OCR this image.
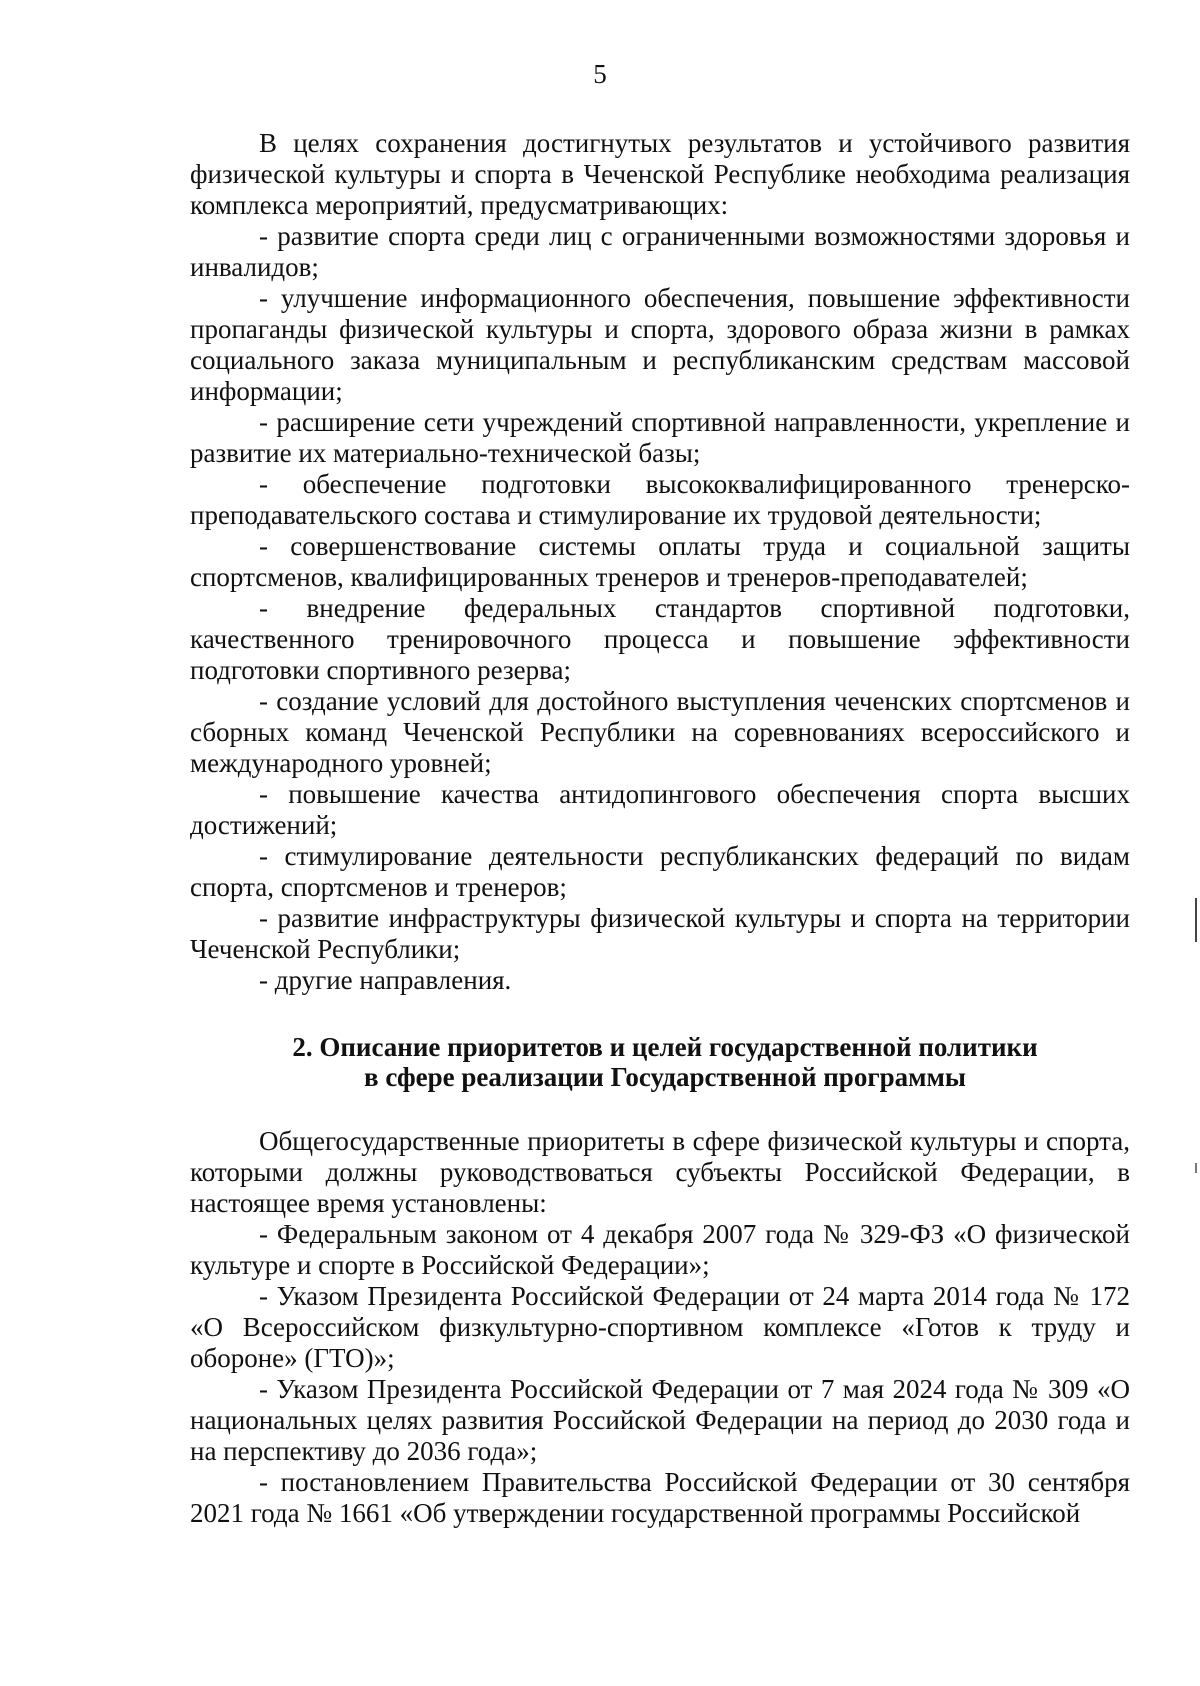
5

В целях сохранения достигнутых результатов и устойчивого развития физической культуры и спорта в Чеченской Республике необходима реализация комплекса мероприятий, предусматривающих:

- развитие спорта среди лиц с ограниченными возможностями здоровья и инвалидов;

- улучшение информационного обеспечения, повышение эффективности пропаганды физической культуры и спорта, здорового образа жизни в рамках социального заказа муниципальным и республиканским средствам массовой информации;

- расширение сети учреждений спортивной направленности, укрепление и развитие их материально-технической базы;

- обеспечение подготовки высококвалифицированного тренерско-преподавательского состава и стимулирование их трудовой деятельности;

- совершенствование системы оплаты труда и социальной защиты спортсменов, квалифицированных тренеров и тренеров-преподавателей;

- внедрение федеральных стандартов спортивной подготовки, качественного тренировочного процесса и повышение эффективности подготовки спортивного резерва;

- создание условий для достойного выступления чеченских спортсменов и сборных команд Чеченской Республики на соревнованиях всероссийского и международного уровней;

- повышение качества антидопингового обеспечения спорта высших достижений;

- стимулирование деятельности республиканских федераций по видам спорта, спортсменов и тренеров;

- развитие инфраструктуры физической культуры и спорта на территории Чеченской Республики;

- другие направления.

2. Описание приоритетов и целей государственной политики
в сфере реализации Государственной программы

Общегосударственные приоритеты в сфере физической культуры и спорта, которыми должны руководствоваться субъекты Российской Федерации, в настоящее время установлены:

- Федеральным законом от 4 декабря 2007 года № 329-ФЗ «О физической культуре и спорте в Российской Федерации»;

- Указом Президента Российской Федерации от 24 марта 2014 года № 172 «О Всероссийском физкультурно-спортивном комплексе «Готов к труду и обороне» (ГТО)»;

- Указом Президента Российской Федерации от 7 мая 2024 года № 309 «О национальных целях развития Российской Федерации на период до 2030 года и на перспективу до 2036 года»;

- постановлением Правительства Российской Федерации от 30 сентября 2021 года № 1661 «Об утверждении государственной программы Российской
